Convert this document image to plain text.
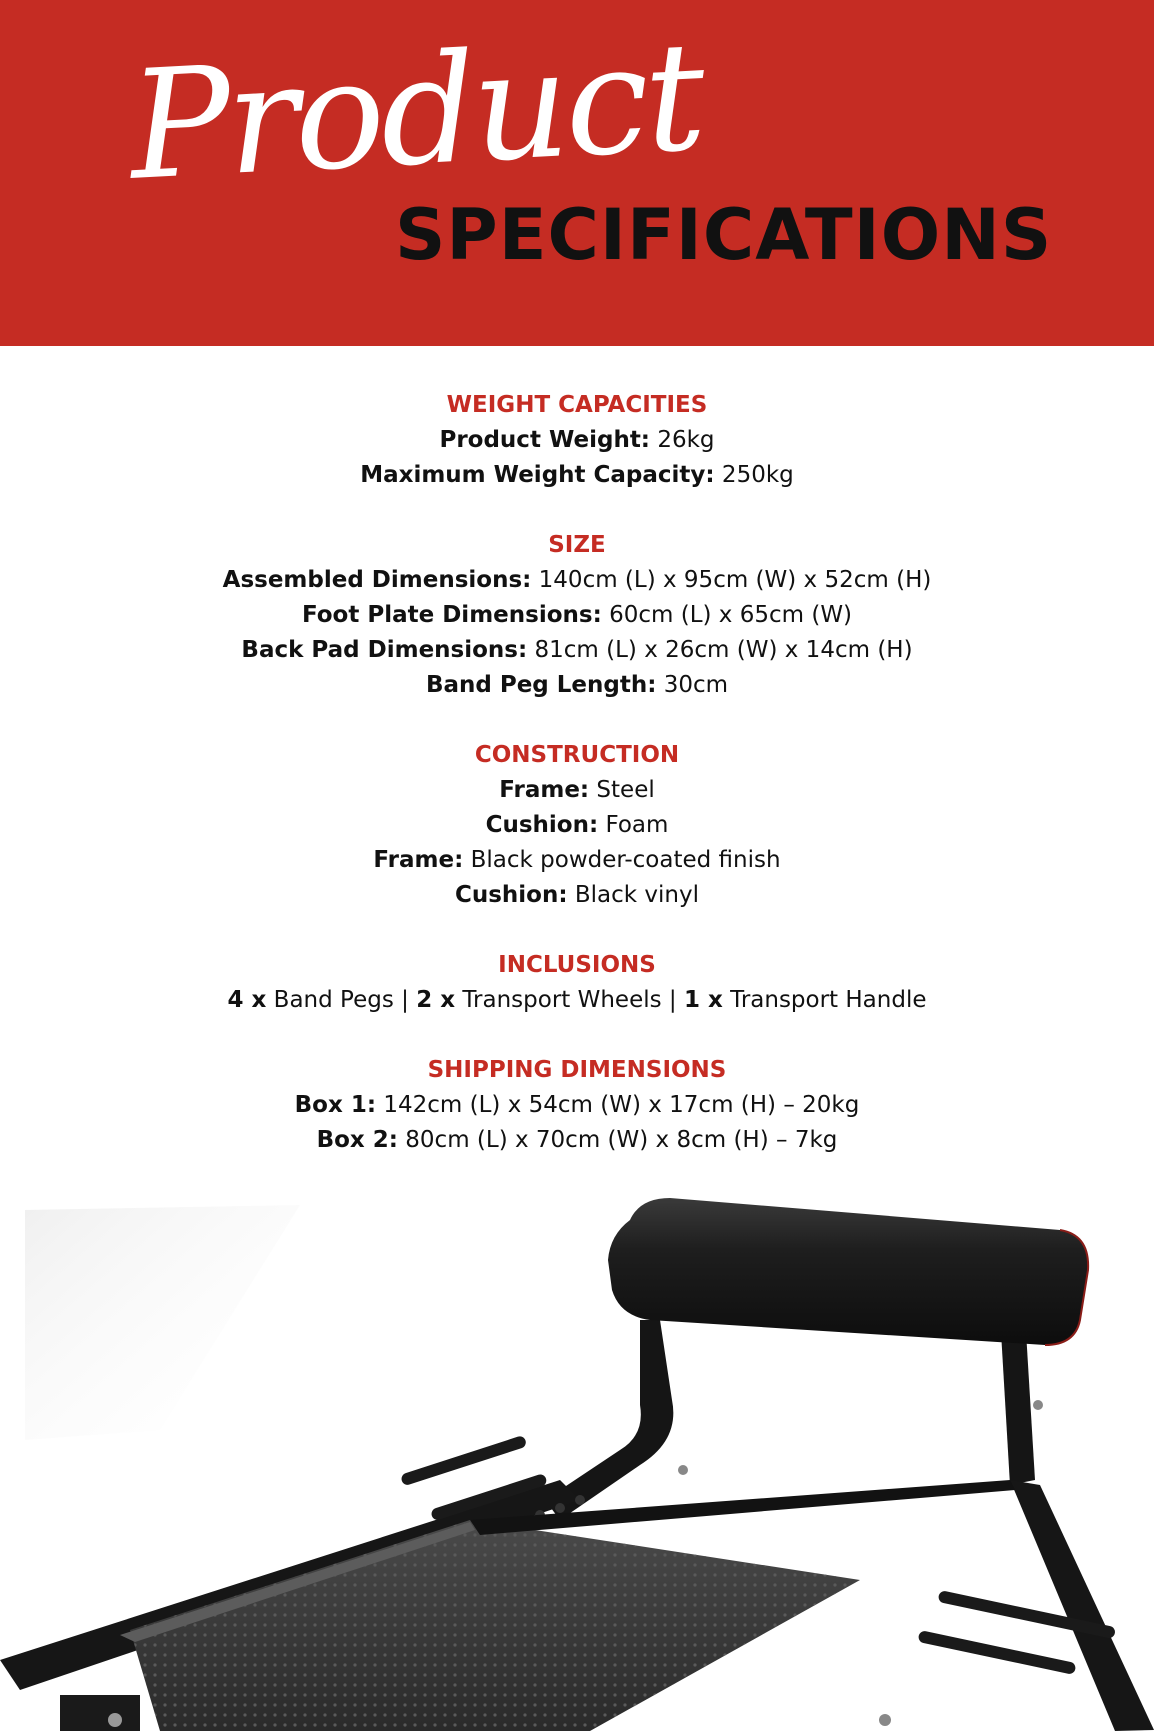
Product
SPECIFICATIONS
WEIGHT CAPACITIES
Product Weight: 26kg
Maximum Weight Capacity: 250kg
SIZE
Assembled Dimensions: 140cm (L) x 95cm (W) x 52cm (H)
Foot Plate Dimensions: 60cm (L) x 65cm (W)
Back Pad Dimensions: 81cm (L) x 26cm (W) x 14cm (H)
Band Peg Length: 30cm
CONSTRUCTION
Frame: Steel
Cushion: Foam
Frame: Black powder-coated finish
Cushion: Black vinyl
INCLUSIONS
4 x Band Pegs | 2 x Transport Wheels | 1 x Transport Handle
SHIPPING DIMENSIONS
Box 1: 142cm (L) x 54cm (W) x 17cm (H) – 20kg
Box 2: 80cm (L) x 70cm (W) x 8cm (H) – 7kg
